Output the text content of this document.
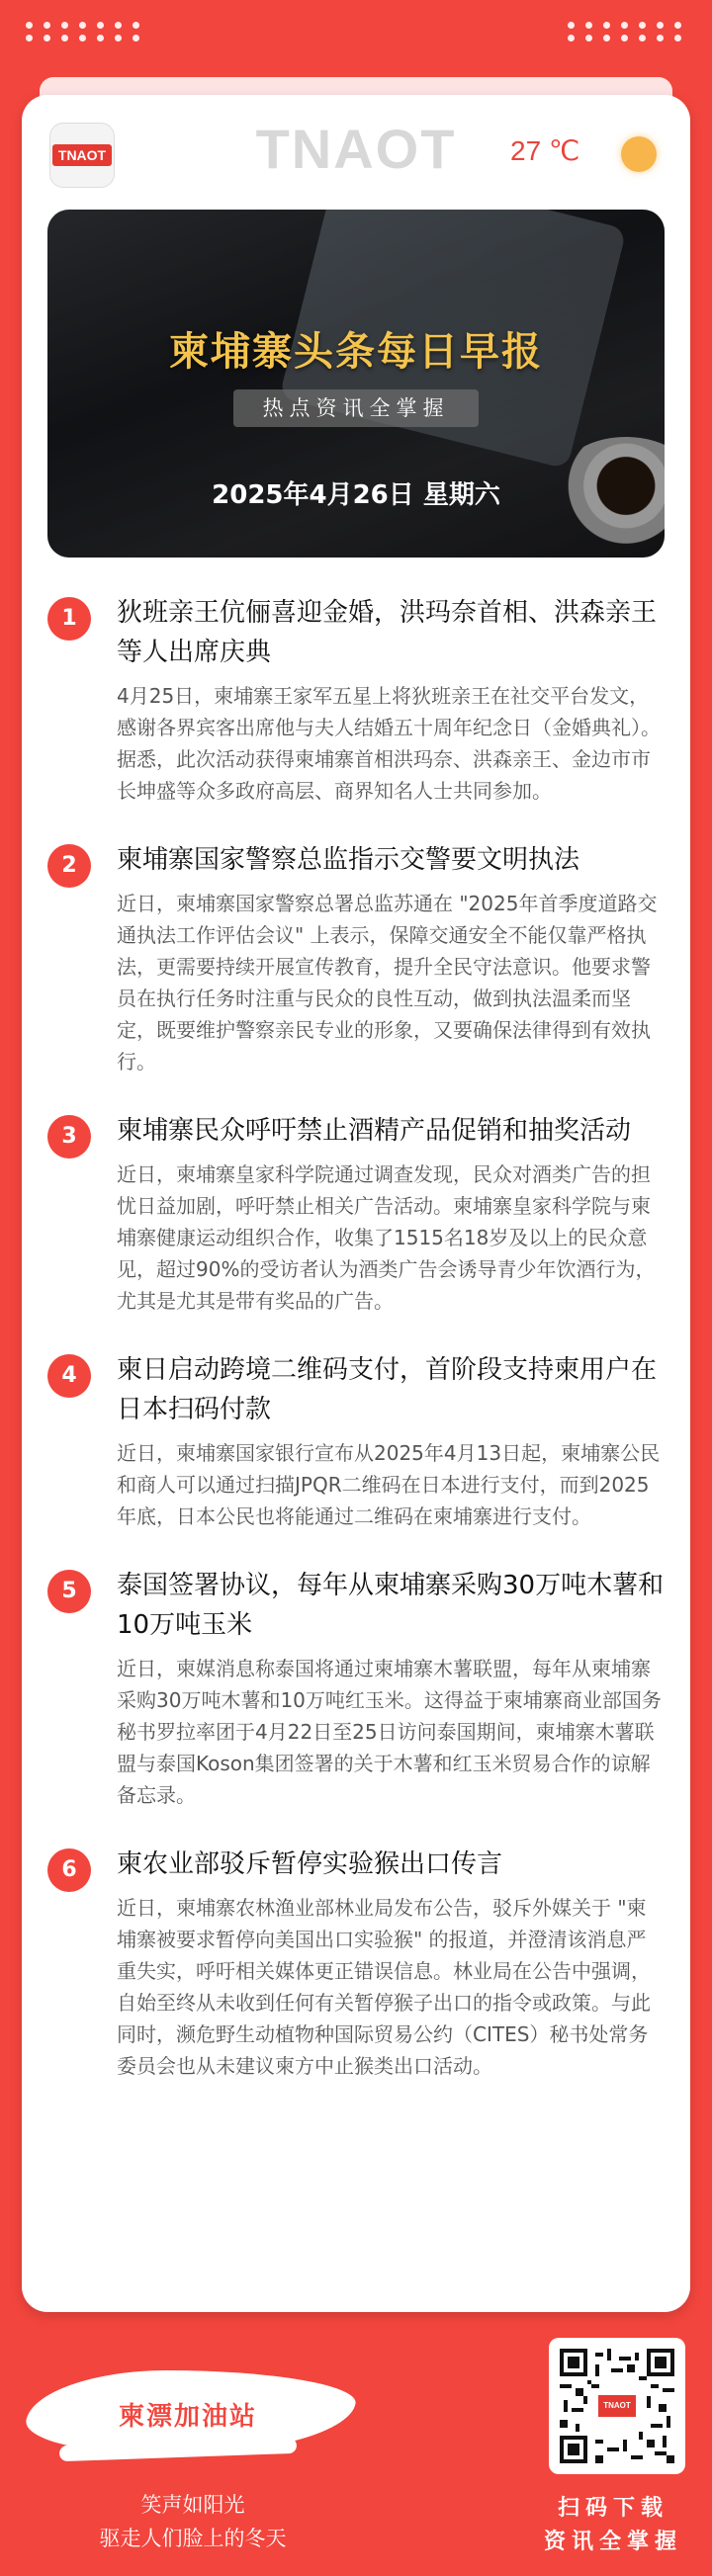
TNAOT	TNAOT	27 ℃
柬埔寨头条每日早报
热点资讯全掌握
2025年4月26日 星期六
1	狄班亲王伉俪喜迎金婚，洪玛奈首相、洪森亲王等人出席庆典

4月25日，柬埔寨王家军五星上将狄班亲王在社交平台发文，感谢各界宾客出席他与夫人结婚五十周年纪念日（金婚典礼）。据悉，此次活动获得柬埔寨首相洪玛奈、洪森亲王、金边市市长坤盛等众多政府高层、商界知名人士共同参加。

2	柬埔寨国家警察总监指示交警要文明执法

近日，柬埔寨国家警察总署总监苏通在 "2025年首季度道路交通执法工作评估会议" 上表示，保障交通安全不能仅靠严格执法，更需要持续开展宣传教育，提升全民守法意识。他要求警员在执行任务时注重与民众的良性互动，做到执法温柔而坚定，既要维护警察亲民专业的形象，又要确保法律得到有效执行。

3	柬埔寨民众呼吁禁止酒精产品促销和抽奖活动

近日，柬埔寨皇家科学院通过调查发现，民众对酒类广告的担忧日益加剧，呼吁禁止相关广告活动。柬埔寨皇家科学院与柬埔寨健康运动组织合作，收集了1515名18岁及以上的民众意见，超过90%的受访者认为酒类广告会诱导青少年饮酒行为，尤其是尤其是带有奖品的广告。

4	柬日启动跨境二维码支付，首阶段支持柬用户在日本扫码付款

近日，柬埔寨国家银行宣布从2025年4月13日起，柬埔寨公民和商人可以通过扫描JPQR二维码在日本进行支付，而到2025年底，日本公民也将能通过二维码在柬埔寨进行支付。

5	泰国签署协议，每年从柬埔寨采购30万吨木薯和10万吨玉米

近日，柬媒消息称泰国将通过柬埔寨木薯联盟，每年从柬埔寨采购30万吨木薯和10万吨红玉米。这得益于柬埔寨商业部国务秘书罗拉率团于4月22日至25日访问泰国期间，柬埔寨木薯联盟与泰国Koson集团签署的关于木薯和红玉米贸易合作的谅解备忘录。

6	柬农业部驳斥暂停实验猴出口传言

近日，柬埔寨农林渔业部林业局发布公告，驳斥外媒关于 "柬埔寨被要求暂停向美国出口实验猴" 的报道，并澄清该消息严重失实，呼吁相关媒体更正错误信息。林业局在公告中强调，自始至终从未收到任何有关暂停猴子出口的指令或政策。与此同时，濒危野生动植物种国际贸易公约（CITES）秘书处常务委员会也从未建议柬方中止猴类出口活动。

柬漂加油站
笑声如阳光
驱走人们脸上的冬天
TNAOT
扫码下载
资讯全掌握
